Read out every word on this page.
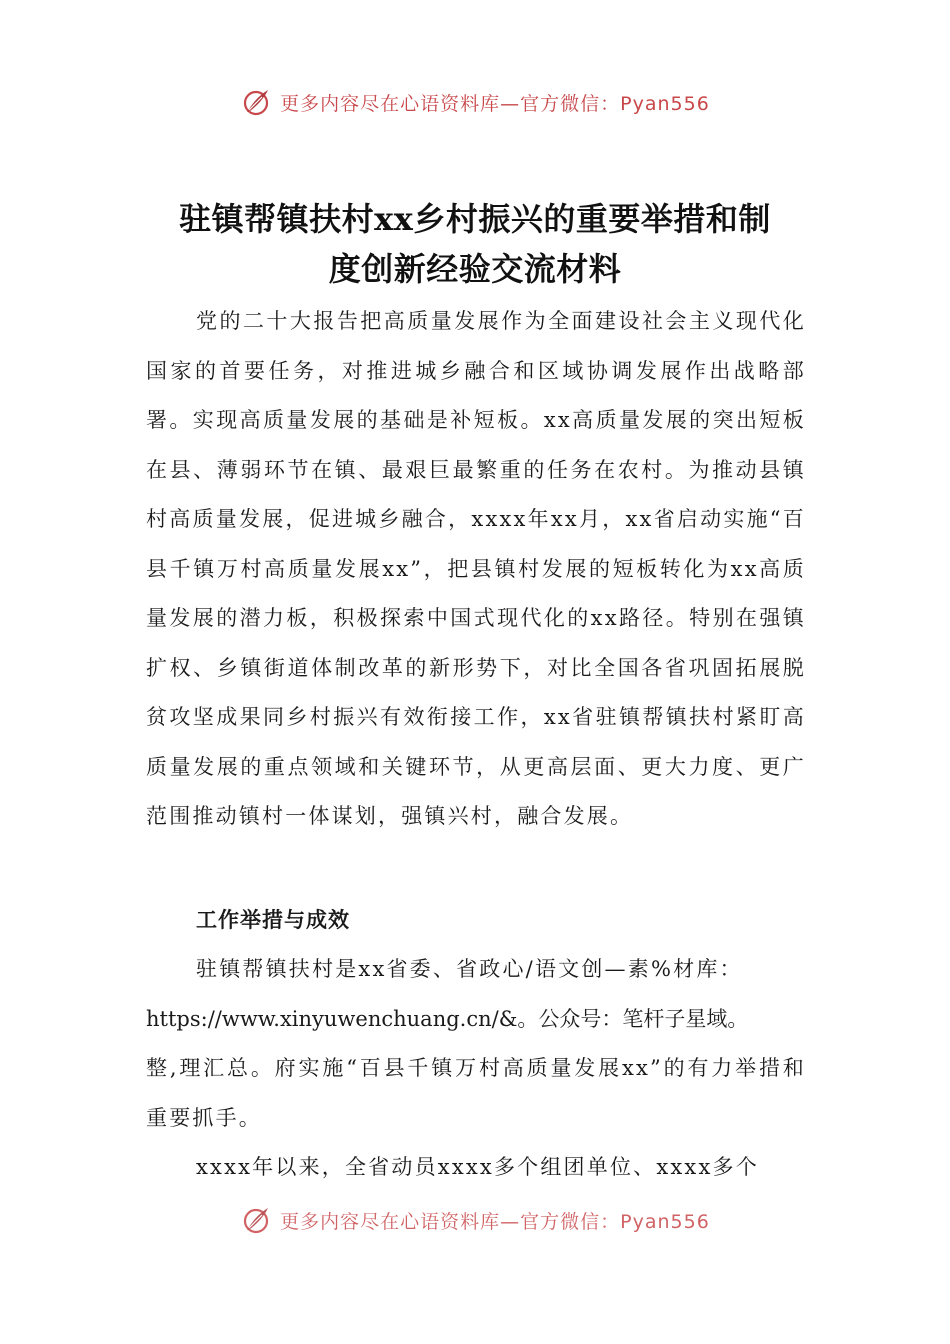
更多内容尽在心语资料库—官方微信：Pyan556
驻镇帮镇扶村xx乡村振兴的重要举措和制
度创新经验交流材料

党的二十大报告把高质量发展作为全面建设社会主义现代化国家的首要任务，对推进城乡融合和区域协调发展作出战略部署。实现高质量发展的基础是补短板。xx高质量发展的突出短板在县、薄弱环节在镇、最艰巨最繁重的任务在农村。为推动县镇村高质量发展，促进城乡融合，xxxx年xx月，xx省启动实施“百县千镇万村高质量发展xx”，把县镇村发展的短板转化为xx高质量发展的潜力板，积极探索中国式现代化的xx路径。特别在强镇扩权、乡镇街道体制改革的新形势下，对比全国各省巩固拓展脱贫攻坚成果同乡村振兴有效衔接工作，xx省驻镇帮镇扶村紧盯高质量发展的重点领域和关键环节，从更高层面、更大力度、更广范围推动镇村一体谋划，强镇兴村，融合发展。

工作举措与成效

驻镇帮镇扶村是xx省委、省政心/语文创—素%材库：
https://www.xinyuwenchuang.cn/&。公众号：笔杆子星域。
整,理汇总。府实施“百县千镇万村高质量发展xx”的有力举措和重要抓手。

xxxx年以来，全省动员xxxx多个组团单位、xxxx多个

更多内容尽在心语资料库—官方微信：Pyan556
